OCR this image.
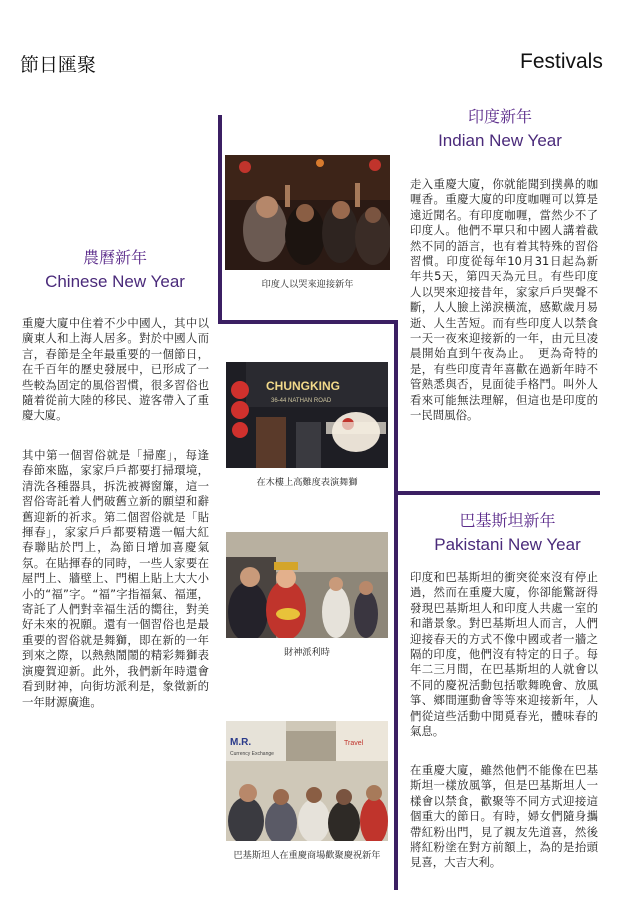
節日匯聚	Festivals
印度新年
Indian New Year
農曆新年
Chinese New Year
巴基斯坦新年
Pakistani New Year

重慶大廈中住着不少中國人，其中以廣東人和上海人居多。對於中國人而言，春節是全年最重要的一個節日，在千百年的歷史發展中，已形成了一些較為固定的風俗習慣，很多習俗也隨着從前大陸的移民、遊客帶入了重慶大廈。

其中第一個習俗就是「掃塵」，每逢春節來臨，家家戶戶都要打掃環境，清洗各種器具，拆洗被褥窗簾，這一習俗寄託着人們破舊立新的願望和辭舊迎新的祈求。第二個習俗就是「貼揮春」，家家戶戶都要精選一幅大紅春聯貼於門上，為節日增加喜慶氣氛。在貼揮春的同時，一些人家要在屋門上、牆壁上、門楣上貼上大大小小的“福”字。“福”字指福氣、福運，寄託了人們對幸福生活的嚮往，對美好未來的祝願。還有一個習俗也是最重要的習俗就是舞獅，即在新的一年到來之際，以熱熱鬧鬧的精彩舞獅表演慶賀迎新。此外，我們新年時還會看到財神，向街坊派利是，象徵新的一年財源廣進。

走入重慶大廈，你就能聞到撲鼻的咖喱香。重慶大廈的印度咖喱可以算是遠近聞名。有印度咖喱，當然少不了印度人。他們不單只和中國人講着截然不同的語言，也有着其特殊的習俗習慣。印度從每年10月31日起為新年共5天，第四天為元旦。有些印度人以哭來迎接昔年，家家戶戶哭聲不斷，人人臉上涕淚橫流，感歎歲月易逝、人生苦短。而有些印度人以禁食一天一夜來迎接新的一年，由元旦凌晨開始直到午夜為止。　更為奇特的是，有些印度青年喜歡在過新年時不管熟悉與否，見面徒手格鬥。叫外人看來可能無法理解，但這也是印度的一民間風俗。

印度和巴基斯坦的衝突從來沒有停止過，然而在重慶大廈，你卻能驚訝得發現巴基斯坦人和印度人共處一室的和諧景象。對巴基斯坦人而言，人們迎接春天的方式不像中國或者一牆之隔的印度，他們沒有特定的日子。每年二三月間，在巴基斯坦的人就會以不同的慶祝活動包括歌舞晚會、放風箏、鄉間運動會等等來迎接新年，人們從這些活動中閒覓春光，體味春的氣息。

在重慶大廈，雖然他們不能像在巴基斯坦一樣放風箏，但是巴基斯坦人一樣會以禁食，歡聚等不同方式迎接這個重大的節日。有時，婦女們隨身攜帶紅粉出門，見了親友先道喜，然後將紅粉塗在對方前額上，為的是抬頭見喜，大吉大利。

印度人以哭來迎接新年
CHUNGKING
36-44 NATHAN ROAD
在木樓上高難度表演舞獅
財神派利時
M.R.
Currency Exchange
Travel
巴基斯坦人在重慶商場歡聚慶祝新年
